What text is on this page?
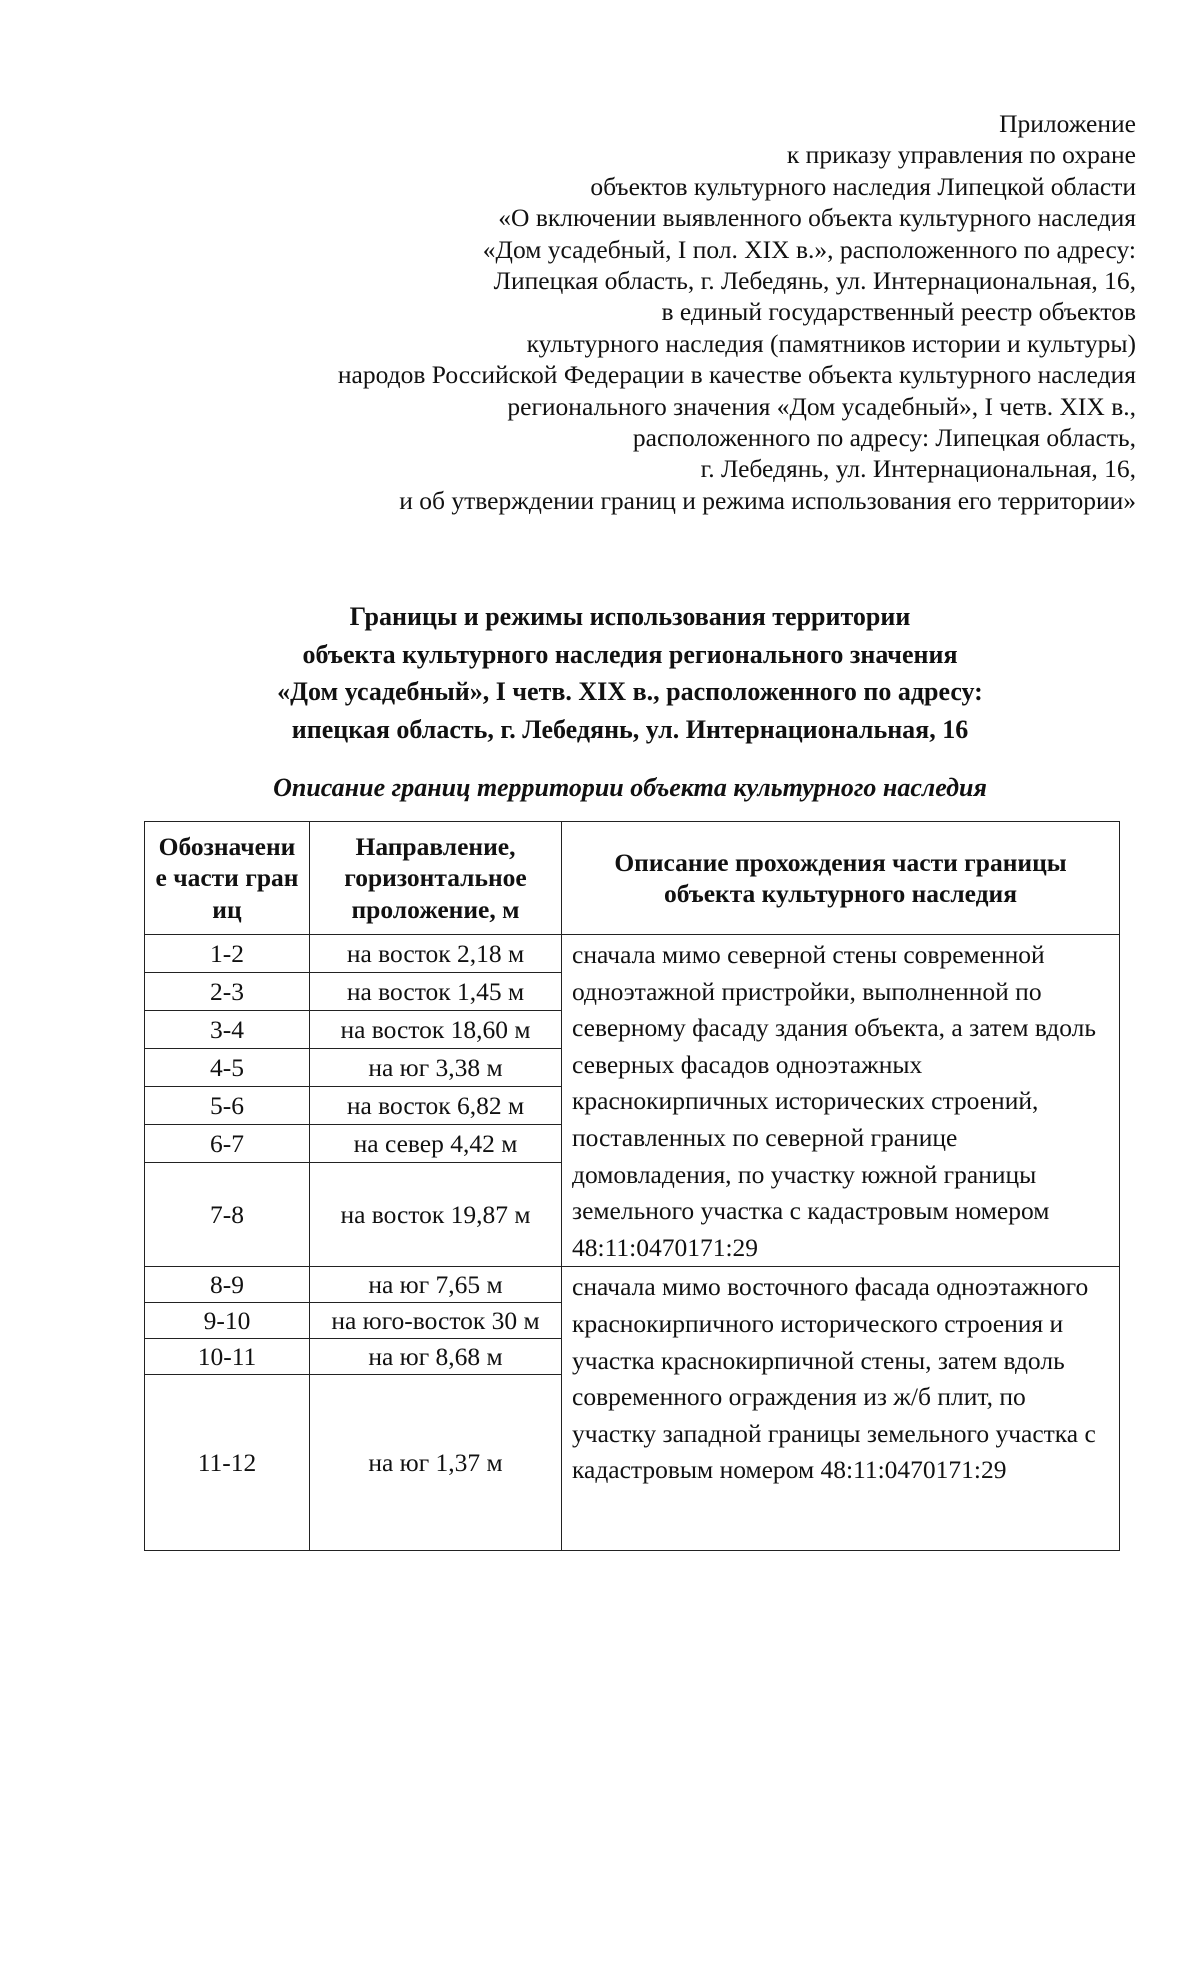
Приложение
к приказу управления по охране
объектов культурного наследия Липецкой области
«О включении выявленного объекта культурного наследия
«Дом усадебный, I пол. XIX в.», расположенного по адресу:
Липецкая область, г. Лебедянь, ул. Интернациональная, 16,
в единый государственный реестр объектов
культурного наследия (памятников истории и культуры)
народов Российской Федерации в качестве объекта культурного наследия
регионального значения «Дом усадебный», I четв. XIX в.,
расположенного по адресу: Липецкая область,
г. Лебедянь, ул. Интернациональная, 16,
и об утверждении границ и режима использования его территории»
Границы и режимы использования территории
объекта культурного наследия регионального значения
«Дом усадебный», I четв. XIX в., расположенного по адресу:
ипецкая область, г. Лебедянь, ул. Интернациональная, 16
Описание границ территории объекта культурного наследия
Обозначение части границ	Направление, горизонтальное проложение, м	Описание прохождения части границы объекта культурного наследия
1-2	на восток 2,18 м	сначала мимо северной стены современной одноэтажной пристройки, выполненной по северному фасаду здания объекта, а затем вдоль северных фасадов одноэтажных краснокирпичных исторических строений, поставленных по северной границе домовладения, по участку южной границы земельного участка с кадастровым номером 48:11:0470171:29
2-3	на восток 1,45 м	
3-4	на восток 18,60 м	
4-5	на юг 3,38 м	
5-6	на восток 6,82 м	
6-7	на север 4,42 м	
7-8	на восток 19,87 м	
8-9	на юг 7,65 м	сначала мимо восточного фасада одноэтажного краснокирпичного исторического строения и участка краснокирпичной стены, затем вдоль современного ограждения из ж/б плит, по участку западной границы земельного участка с кадастровым номером 48:11:0470171:29
9-10	на юго-восток 30 м	
10-11	на юг 8,68 м	
11-12	на юг 1,37 м	
